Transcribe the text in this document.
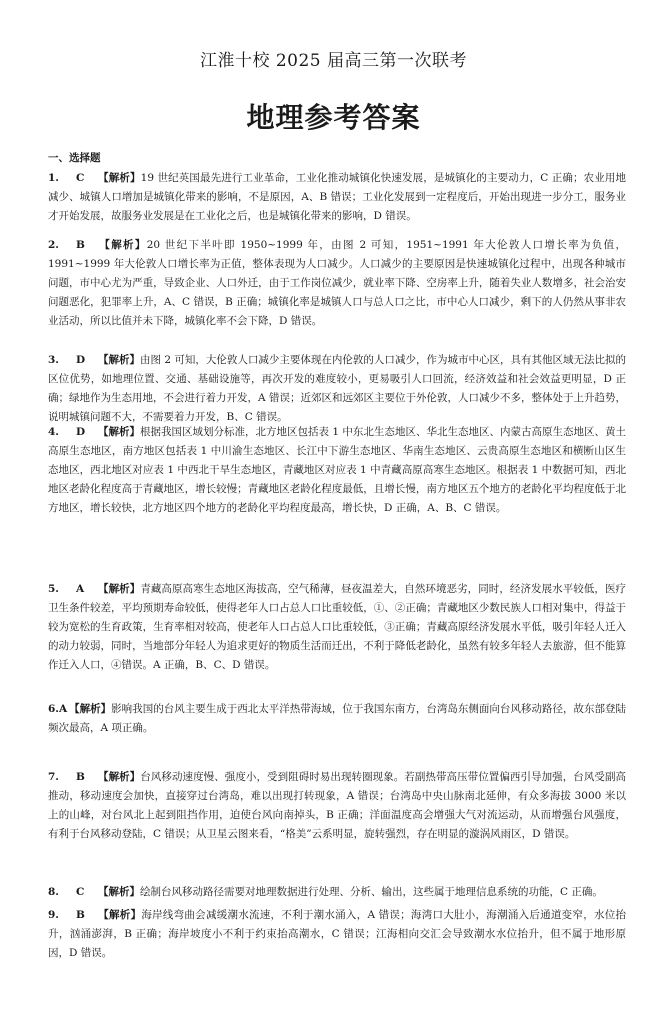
江淮十校 2025 届高三第一次联考
地理参考答案
一、选择题
1. C 【解析】19 世纪英国最先进行工业革命，工业化推动城镇化快速发展，是城镇化的主要动力，C 正确；农业用地减少、城镇人口增加是城镇化带来的影响，不是原因，A、B 错误；工业化发展到一定程度后，开始出现进一步分工，服务业才开始发展，故服务业发展是在工业化之后，也是城镇化带来的影响，D 错误。
2. B 【解析】20 世纪下半叶即 1950~1999 年，由图 2 可知，1951~1991 年大伦敦人口增长率为负值，1991~1999 年大伦敦人口增长率为正值，整体表现为人口减少。人口减少的主要原因是快速城镇化过程中，出现各种城市问题，市中心尤为严重，导致企业、人口外迁，由于工作岗位减少，就业率下降、空房率上升，随着失业人数增多，社会治安问题恶化，犯罪率上升，A、C 错误，B 正确；城镇化率是城镇人口与总人口之比，市中心人口减少，剩下的人仍然从事非农业活动，所以比值并未下降，城镇化率不会下降，D 错误。
3. D 【解析】由图 2 可知，大伦敦人口减少主要体现在内伦敦的人口减少，作为城市中心区，具有其他区域无法比拟的区位优势，如地理位置、交通、基础设施等，再次开发的难度较小，更易吸引人口回流，经济效益和社会效益更明显，D 正确；绿地作为生态用地，不会进行着力开发，A 错误；近郊区和远郊区主要位于外伦敦，人口减少不多，整体处于上升趋势，说明城镇问题不大，不需要着力开发，B、C 错误。
4. D 【解析】根据我国区域划分标准，北方地区包括表 1 中东北生态地区、华北生态地区、内蒙古高原生态地区、黄土高原生态地区，南方地区包括表 1 中川渝生态地区、长江中下游生态地区、华南生态地区、云贵高原生态地区和横断山区生态地区，西北地区对应表 1 中西北干旱生态地区，青藏地区对应表 1 中青藏高原高寒生态地区。根据表 1 中数据可知，西北地区老龄化程度高于青藏地区，增长较慢；青藏地区老龄化程度最低，且增长慢，南方地区五个地方的老龄化平均程度低于北方地区，增长较快，北方地区四个地方的老龄化平均程度最高，增长快，D 正确，A、B、C 错误。
5. A 【解析】青藏高原高寒生态地区海拔高，空气稀薄，昼夜温差大，自然环境恶劣，同时，经济发展水平较低，医疗卫生条件较差，平均预期寿命较低，使得老年人口占总人口比重较低，①、②正确；青藏地区少数民族人口相对集中，得益于较为宽松的生育政策，生育率相对较高，使老年人口占总人口比重较低，③正确；青藏高原经济发展水平低，吸引年轻人迁入的动力较弱，同时，当地部分年轻人为追求更好的物质生活而迁出，不利于降低老龄化，虽然有较多年轻人去旅游，但不能算作迁入人口，④错误。A 正确，B、C、D 错误。
6.A 【解析】影响我国的台风主要生成于西北太平洋热带海域，位于我国东南方，台湾岛东侧面向台风移动路径，故东部登陆频次最高，A 项正确。
7. B 【解析】台风移动速度慢、强度小，受到阻碍时易出现转圈现象。若副热带高压带位置偏西引导加强，台风受副高推动，移动速度会加快，直接穿过台湾岛，难以出现打转现象，A 错误；台湾岛中央山脉南北延伸，有众多海拔 3000 米以上的山峰，对台风北上起到阻挡作用，迫使台风向南掉头，B 正确；洋面温度高会增强大气对流运动，从而增强台风强度，有利于台风移动登陆，C 错误；从卫星云图来看，“格美”云系明显，旋转强烈，存在明显的漩涡风雨区，D 错误。
8. C 【解析】绘制台风移动路径需要对地理数据进行处理、分析、输出，这些属于地理信息系统的功能，C 正确。
9. B 【解析】海岸线弯曲会减缓潮水流速，不利于潮水涌入，A 错误；海湾口大肚小，海潮涌入后通道变窄，水位抬升，汹涌澎湃，B 正确；海岸坡度小不利于约束抬高潮水，C 错误；江海相向交汇会导致潮水水位抬升，但不属于地形原因，D 错误。
